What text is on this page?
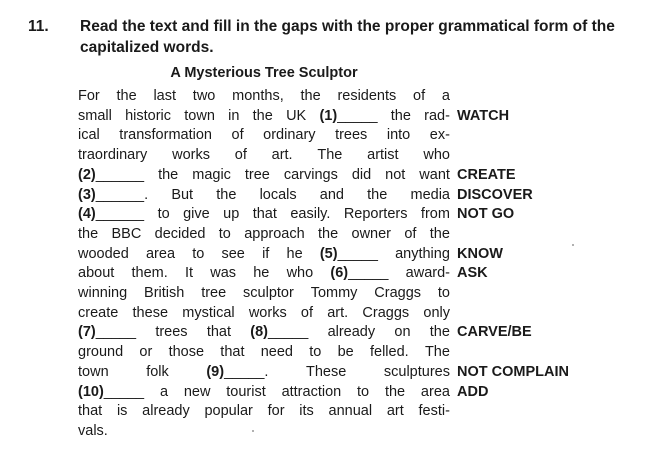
11. Read the text and fill in the gaps with the proper grammatical form of the capitalized words.
A Mysterious Tree Sculptor
For the last two months, the residents of a
small historic town in the UK (1)_____ the rad- WATCH
ical transformation of ordinary trees into ex-
traordinary works of art. The artist who
(2)______ the magic tree carvings did not want CREATE
(3)______. But the locals and the media DISCOVER
(4)______ to give up that easily. Reporters from NOT GO
the BBC decided to approach the owner of the
wooded area to see if he (5)_____ anything KNOW
about them. It was he who (6)_____ award- ASK
winning British tree sculptor Tommy Craggs to
create these mystical works of art. Craggs only
(7)_____ trees that (8)_____ already on the CARVE/BE
ground or those that need to be felled. The
town	folk	(9)_____.	These	sculptures NOT COMPLAIN
(10)_____ a new tourist attraction to the area ADD
that is already popular for its annual art festi-
vals.
